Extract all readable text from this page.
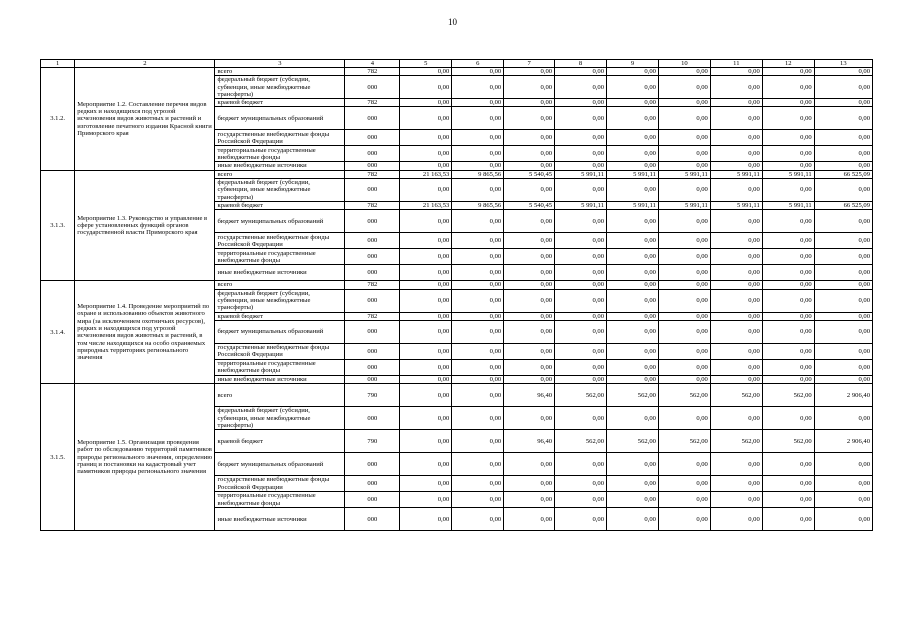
10
1	2	3	4	5	6	7	8	9	10	11	12	13
3.1.2.	Мероприятие 1.2. Составление перечня видов редких и находящихся под угрозой исчезновения видов животных и растений и изготовление печатного издания Красной книги Приморского края	всего	782	0,00	0,00	0,00	0,00	0,00	0,00	0,00	0,00	0,00
		федеральный бюджет (субсидии, субвенции, иные межбюджетные трансферты)	000	0,00	0,00	0,00	0,00	0,00	0,00	0,00	0,00	0,00
		краевой бюджет	782	0,00	0,00	0,00	0,00	0,00	0,00	0,00	0,00	0,00
		бюджет муниципальных образований	000	0,00	0,00	0,00	0,00	0,00	0,00	0,00	0,00	0,00
		государственные внебюджетные фонды Российской Федерации	000	0,00	0,00	0,00	0,00	0,00	0,00	0,00	0,00	0,00
		территориальные государственные внебюджетные фонды	000	0,00	0,00	0,00	0,00	0,00	0,00	0,00	0,00	0,00
		иные внебюджетные источники	000	0,00	0,00	0,00	0,00	0,00	0,00	0,00	0,00	0,00
3.1.3.	Мероприятие 1.3. Руководство и управление в сфере установленных функций органов государственной власти Приморского края	всего	782	21 163,53	9 865,56	5 540,45	5 991,11	5 991,11	5 991,11	5 991,11	5 991,11	66 525,09
		федеральный бюджет (субсидии, субвенции, иные межбюджетные трансферты)	000	0,00	0,00	0,00	0,00	0,00	0,00	0,00	0,00	0,00
		краевой бюджет	782	21 163,53	9 865,56	5 540,45	5 991,11	5 991,11	5 991,11	5 991,11	5 991,11	66 525,09
		бюджет муниципальных образований	000	0,00	0,00	0,00	0,00	0,00	0,00	0,00	0,00	0,00
		государственные внебюджетные фонды Российской Федерации	000	0,00	0,00	0,00	0,00	0,00	0,00	0,00	0,00	0,00
		территориальные государственные внебюджетные фонды	000	0,00	0,00	0,00	0,00	0,00	0,00	0,00	0,00	0,00
		иные внебюджетные источники	000	0,00	0,00	0,00	0,00	0,00	0,00	0,00	0,00	0,00
3.1.4.	Мероприятие 1.4. Проведение мероприятий по охране и использованию объектов животного мира (за исключением охотничьих ресурсов), редких и находящихся под угрозой исчезновения видов животных и растений, в том числе находящихся на особо охраняемых природных территориях регионального значения	всего	782	0,00	0,00	0,00	0,00	0,00	0,00	0,00	0,00	0,00
		федеральный бюджет (субсидии, субвенции, иные межбюджетные трансферты)	000	0,00	0,00	0,00	0,00	0,00	0,00	0,00	0,00	0,00
		краевой бюджет	782	0,00	0,00	0,00	0,00	0,00	0,00	0,00	0,00	0,00
		бюджет муниципальных образований	000	0,00	0,00	0,00	0,00	0,00	0,00	0,00	0,00	0,00
		государственные внебюджетные фонды Российской Федерации	000	0,00	0,00	0,00	0,00	0,00	0,00	0,00	0,00	0,00
		территориальные государственные внебюджетные фонды	000	0,00	0,00	0,00	0,00	0,00	0,00	0,00	0,00	0,00
		иные внебюджетные источники	000	0,00	0,00	0,00	0,00	0,00	0,00	0,00	0,00	0,00
3.1.5.	Мероприятие 1.5. Организация проведения работ по обследованию территорий памятников природы регионального значения, определению границ и постановки на кадастровый учет памятников природы регионального значения	всего	790	0,00	0,00	96,40	562,00	562,00	562,00	562,00	562,00	2 906,40
		федеральный бюджет (субсидии, субвенции, иные межбюджетные трансферты)	000	0,00	0,00	0,00	0,00	0,00	0,00	0,00	0,00	0,00
		краевой бюджет	790	0,00	0,00	96,40	562,00	562,00	562,00	562,00	562,00	2 906,40
		бюджет муниципальных образований	000	0,00	0,00	0,00	0,00	0,00	0,00	0,00	0,00	0,00
		государственные внебюджетные фонды Российской Федерации	000	0,00	0,00	0,00	0,00	0,00	0,00	0,00	0,00	0,00
		территориальные государственные внебюджетные фонды	000	0,00	0,00	0,00	0,00	0,00	0,00	0,00	0,00	0,00
		иные внебюджетные источники	000	0,00	0,00	0,00	0,00	0,00	0,00	0,00	0,00	0,00
